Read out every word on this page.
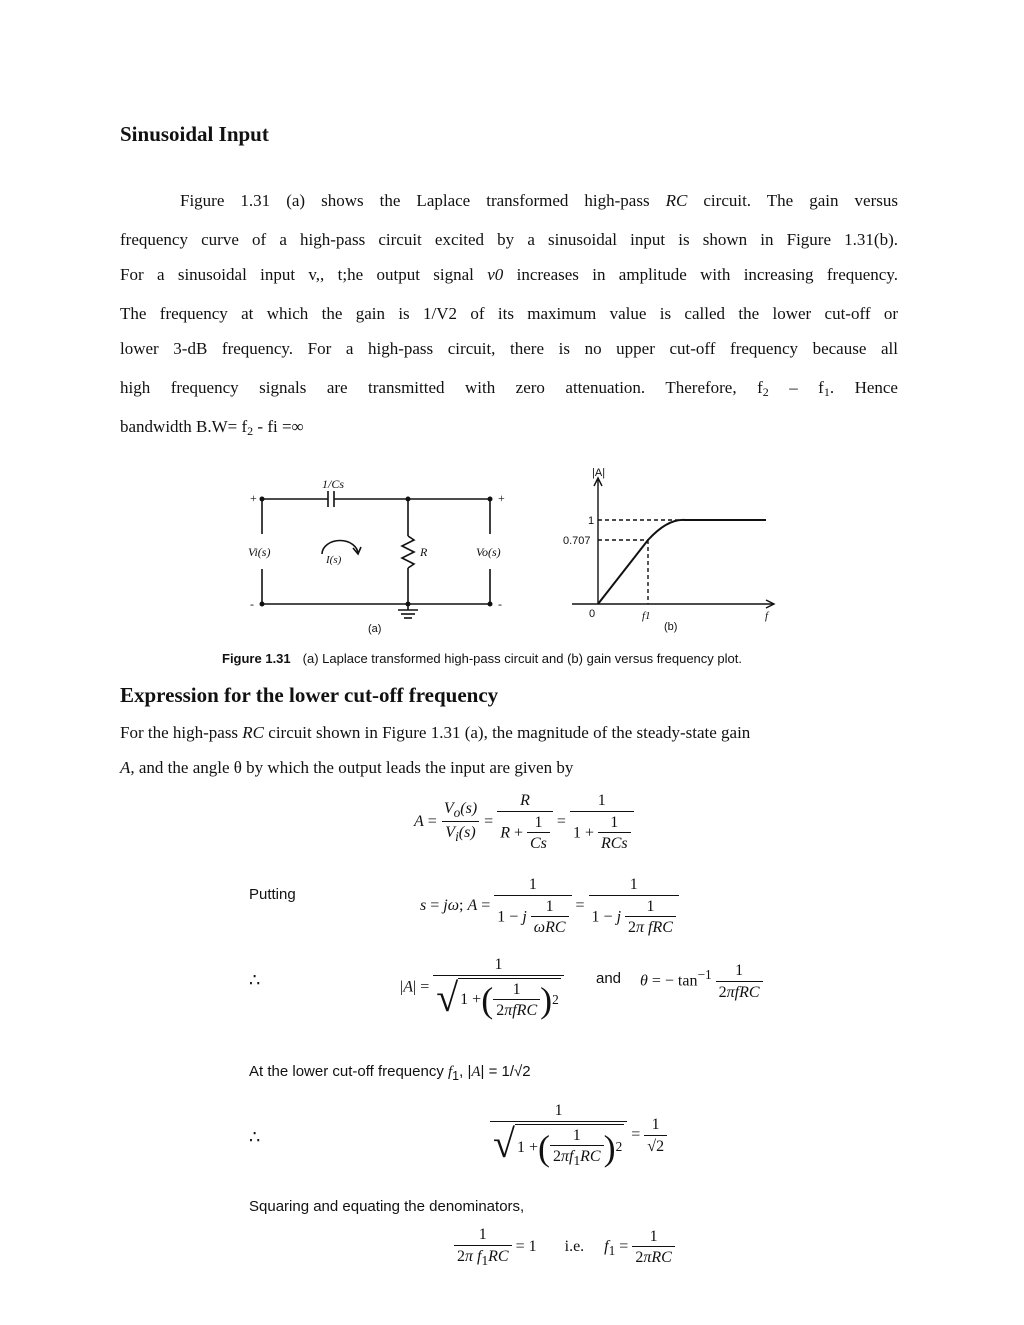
Sinusoidal Input
Figure 1.31 (a) shows the Laplace transformed high-pass RC circuit. The gain versus
frequency curve of a high-pass circuit excited by a sinusoidal input is shown in Figure 1.31(b).
For a sinusoidal input v,, t;he output signal v0 increases in amplitude with increasing frequency.
The frequency at which the gain is 1/V2 of its maximum value is called the lower cut-off or
lower 3-dB frequency. For a high-pass circuit, there is no upper cut-off frequency because all
high frequency signals are transmitted with zero attenuation. Therefore, $f_2 - f_1$. Hence
bandwidth $B.W= f_2$ - fi =∞
1/Cs
+	+
-	-
Vi(s)
I(s)
R	Vo(s)
(a)
|A|
1
0.707
0	f1	f
(b)
Figure 1.31 (a) Laplace transformed high-pass circuit and (b) gain versus frequency plot.
Expression for the lower cut-off frequency
For the high-pass RC circuit shown in Figure 1.31 (a), the magnitude of the steady-state gain
A, and the angle θ by which the output leads the input are given by
$A = \frac{V_o(s)}{V_i(s)} = \frac{R}{R + \frac{1}{Cs}} = \frac{1}{1 + \frac{1}{\text{RCs}}}$
Putting
s = jω; $A = \frac{1}{1 - j \frac{1}{\text{ωRC}}} = \frac{1}{1 - j \frac{1}{\text{2π fRC}}}$
∴	$|A| = \frac{1}{√ 1 + ( \frac{1}{\text{2πfRC}} ) 2}$ and θ = − $\tan^{-1} \frac{1}{\text{2πfRC}}$
At the lower cut-off frequency $f_1$, |A| = 1/√2
∴	$\frac{1}{√ 1 + ( \frac{1}{2\pi f_1RC} ) 2} = \frac{1}{√2}$
Squaring and equating the denominators,
$\frac{1}{2\pi f_1RC} = 1$ i.e. $f_1 = \frac{1}{\text{2πRC}}$
